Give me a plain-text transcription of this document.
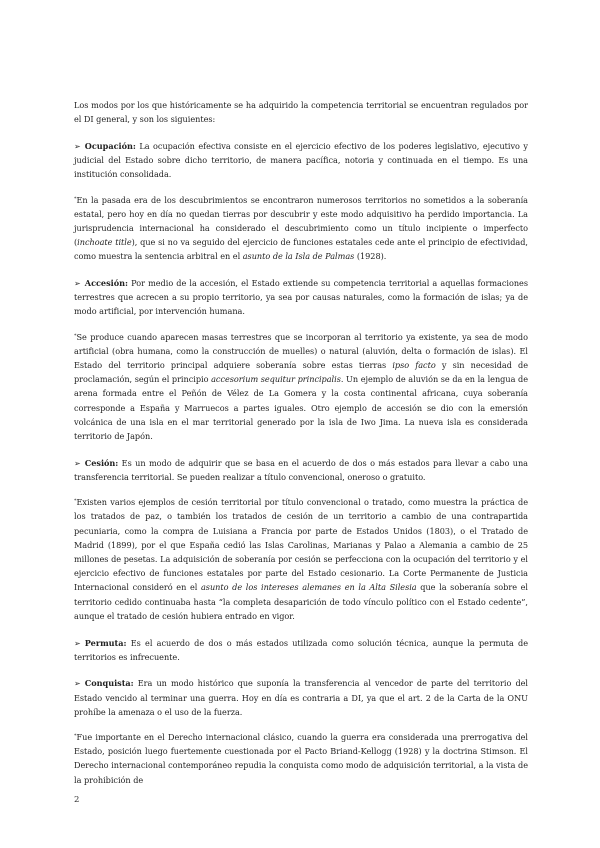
Los modos por los que históricamente se ha adquirido la competencia territorial se encuentran regulados por el DI general, y son los siguientes:

➢ Ocupación: La ocupación efectiva consiste en el ejercicio efectivo de los poderes legislativo, ejecutivo y judicial del Estado sobre dicho territorio, de manera pacífica, notoria y continuada en el tiempo. Es una institución consolidada.

*En la pasada era de los descubrimientos se encontraron numerosos territorios no sometidos a la soberanía estatal, pero hoy en día no quedan tierras por descubrir y este modo adquisitivo ha perdido importancia. La jurisprudencia internacional ha considerado el descubrimiento como un título incipiente o imperfecto (inchoate title), que si no va seguido del ejercicio de funciones estatales cede ante el principio de efectividad, como muestra la sentencia arbitral en el asunto de la Isla de Palmas (1928).

➢ Accesión: Por medio de la accesión, el Estado extiende su competencia territorial a aquellas formaciones terrestres que acrecen a su propio territorio, ya sea por causas naturales, como la formación de islas; ya de modo artificial, por intervención humana.

*Se produce cuando aparecen masas terrestres que se incorporan al territorio ya existente, ya sea de modo artificial (obra humana, como la construcción de muelles) o natural (aluvión, delta o formación de islas). El Estado del territorio principal adquiere soberanía sobre estas tierras ipso facto y sin necesidad de proclamación, según el principio accesorium sequitur principalis. Un ejemplo de aluvión se da en la lengua de arena formada entre el Peñón de Vélez de La Gomera y la costa continental africana, cuya soberanía corresponde a España y Marruecos a partes iguales. Otro ejemplo de accesión se dio con la emersión volcánica de una isla en el mar territorial generado por la isla de Iwo Jima. La nueva isla es considerada territorio de Japón.

➢ Cesión: Es un modo de adquirir que se basa en el acuerdo de dos o más estados para llevar a cabo una transferencia territorial. Se pueden realizar a título convencional, oneroso o gratuito.

*Existen varios ejemplos de cesión territorial por título convencional o tratado, como muestra la práctica de los tratados de paz, o también los tratados de cesión de un territorio a cambio de una contrapartida pecuniaria, como la compra de Luisiana a Francia por parte de Estados Unidos (1803), o el Tratado de Madrid (1899), por el que España cedió las Islas Carolinas, Marianas y Palao a Alemania a cambio de 25 millones de pesetas. La adquisición de soberanía por cesión se perfecciona con la ocupación del territorio y el ejercicio efectivo de funciones estatales por parte del Estado cesionario. La Corte Permanente de Justicia Internacional consideró en el asunto de los intereses alemanes en la Alta Silesia que la soberanía sobre el territorio cedido continuaba hasta “la completa desaparición de todo vínculo político con el Estado cedente”, aunque el tratado de cesión hubiera entrado en vigor.

➢ Permuta: Es el acuerdo de dos o más estados utilizada como solución técnica, aunque la permuta de territorios es infrecuente.

➢ Conquista: Era un modo histórico que suponía la transferencia al vencedor de parte del territorio del Estado vencido al terminar una guerra. Hoy en día es contraria a DI, ya que el art. 2 de la Carta de la ONU prohíbe la amenaza o el uso de la fuerza.

*Fue importante en el Derecho internacional clásico, cuando la guerra era considerada una prerrogativa del Estado, posición luego fuertemente cuestionada por el Pacto Briand-Kellogg (1928) y la doctrina Stimson. El Derecho internacional contemporáneo repudia la conquista como modo de adquisición territorial, a la vista de la prohibición de

2
